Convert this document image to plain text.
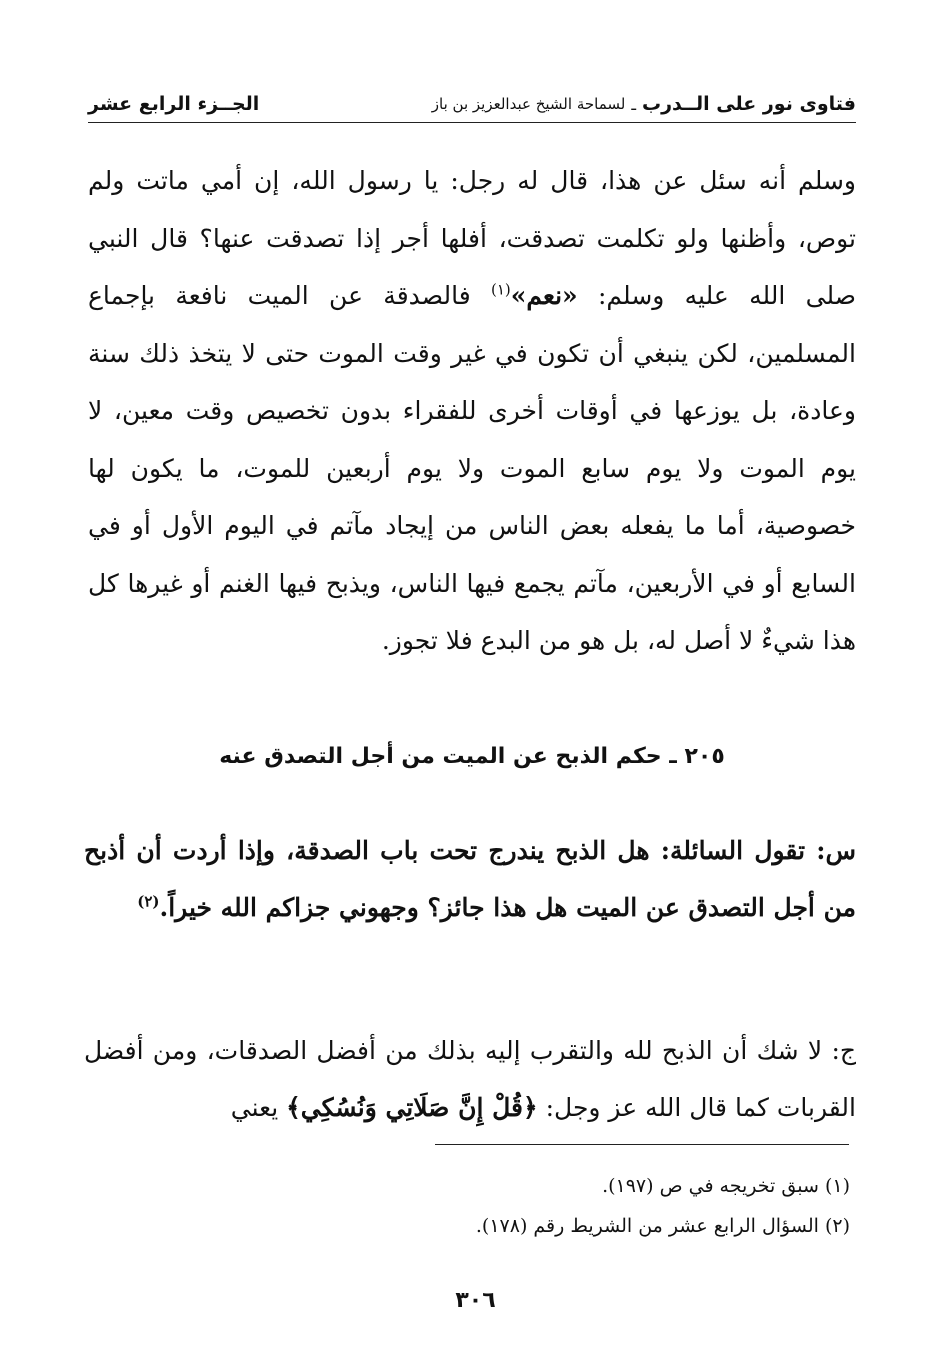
فتاوى نور على الــدرب
ـ
لسماحة الشيخ عبدالعزيز بن باز
الجــزء الرابع عشر

وسلم أنه سئل عن هذا، قال له رجل: يا رسول الله، إن أمي ماتت ولم توص، وأظنها ولو تكلمت تصدقت، أفلها أجر إذا تصدقت عنها؟ قال النبي صلى الله عليه وسلم: «نعم»$^{(١)}$ فالصدقة عن الميت نافعة بإجماع المسلمين، لكن ينبغي أن تكون في غير وقت الموت حتى لا يتخذ ذلك سنة وعادة، بل يوزعها في أوقات أخرى للفقراء بدون تخصيص وقت معين، لا يوم الموت ولا يوم سابع الموت ولا يوم أربعين للموت، ما يكون لها خصوصية، أما ما يفعله بعض الناس من إيجاد مآتم في اليوم الأول أو في السابع أو في الأربعين، مآتم يجمع فيها الناس، ويذبح فيها الغنم أو غيرها كل هذا شيءٌ لا أصل له، بل هو من البدع فلا تجوز.

٢٠٥ ـ حكم الذبح عن الميت من أجل التصدق عنه
س: تقول السائلة: هل الذبح يندرج تحت باب الصدقة، وإذا أردت أن أذبح من أجل التصدق عن الميت هل هذا جائز؟ وجهوني جزاكم الله خيراً.$^{(٢)}$
ج: لا شك أن الذبح لله والتقرب إليه بذلك من أفضل الصدقات، ومن أفضل القربات كما قال الله عز وجل: ﴿قُلْ إِنَّ صَلَاتِي وَنُسُكِي﴾ يعني

(١) سبق تخريجه في ص (١٩٧).

(٢) السؤال الرابع عشر من الشريط رقم (١٧٨).

٣٠٦
